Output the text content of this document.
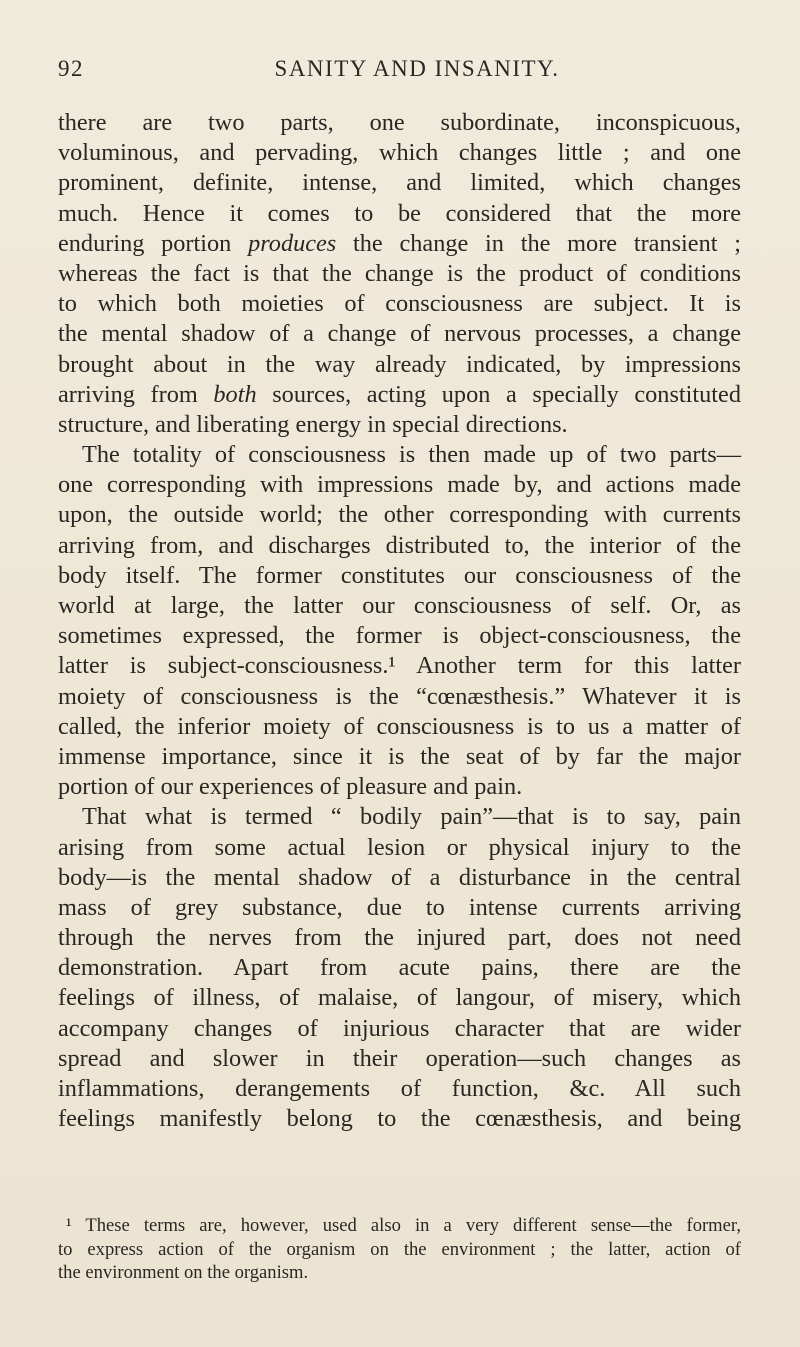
92	SANITY AND INSANITY.
there are two parts, one subordinate, inconspicuous,
voluminous, and pervading, which changes little ; and one
prominent, definite, intense, and limited, which changes
much. Hence it comes to be considered that the more
enduring portion produces the change in the more transient ;
whereas the fact is that the change is the product of conditions
to which both moieties of consciousness are subject. It is
the mental shadow of a change of nervous processes, a change
brought about in the way already indicated, by impressions
arriving from both sources, acting upon a specially constituted
structure, and liberating energy in special directions.
The totality of consciousness is then made up of two parts—
one corresponding with impressions made by, and actions made
upon, the outside world; the other corresponding with currents
arriving from, and discharges distributed to, the interior of the
body itself. The former constitutes our consciousness of the
world at large, the latter our consciousness of self. Or, as
sometimes expressed, the former is object-consciousness, the
latter is subject-consciousness.¹ Another term for this latter
moiety of consciousness is the “cœnæsthesis.” Whatever it is
called, the inferior moiety of consciousness is to us a matter of
immense importance, since it is the seat of by far the major
portion of our experiences of pleasure and pain.
That what is termed “ bodily pain”—that is to say, pain
arising from some actual lesion or physical injury to the
body—is the mental shadow of a disturbance in the central
mass of grey substance, due to intense currents arriving
through the nerves from the injured part, does not need
demonstration. Apart from acute pains, there are the
feelings of illness, of malaise, of langour, of misery, which
accompany changes of injurious character that are wider
spread and slower in their operation—such changes as
inflammations, derangements of function, &c. All such
feelings manifestly belong to the cœnæsthesis, and being
¹ These terms are, however, used also in a very different sense—the former,
to express action of the organism on the environment ; the latter, action of
the environment on the organism.
